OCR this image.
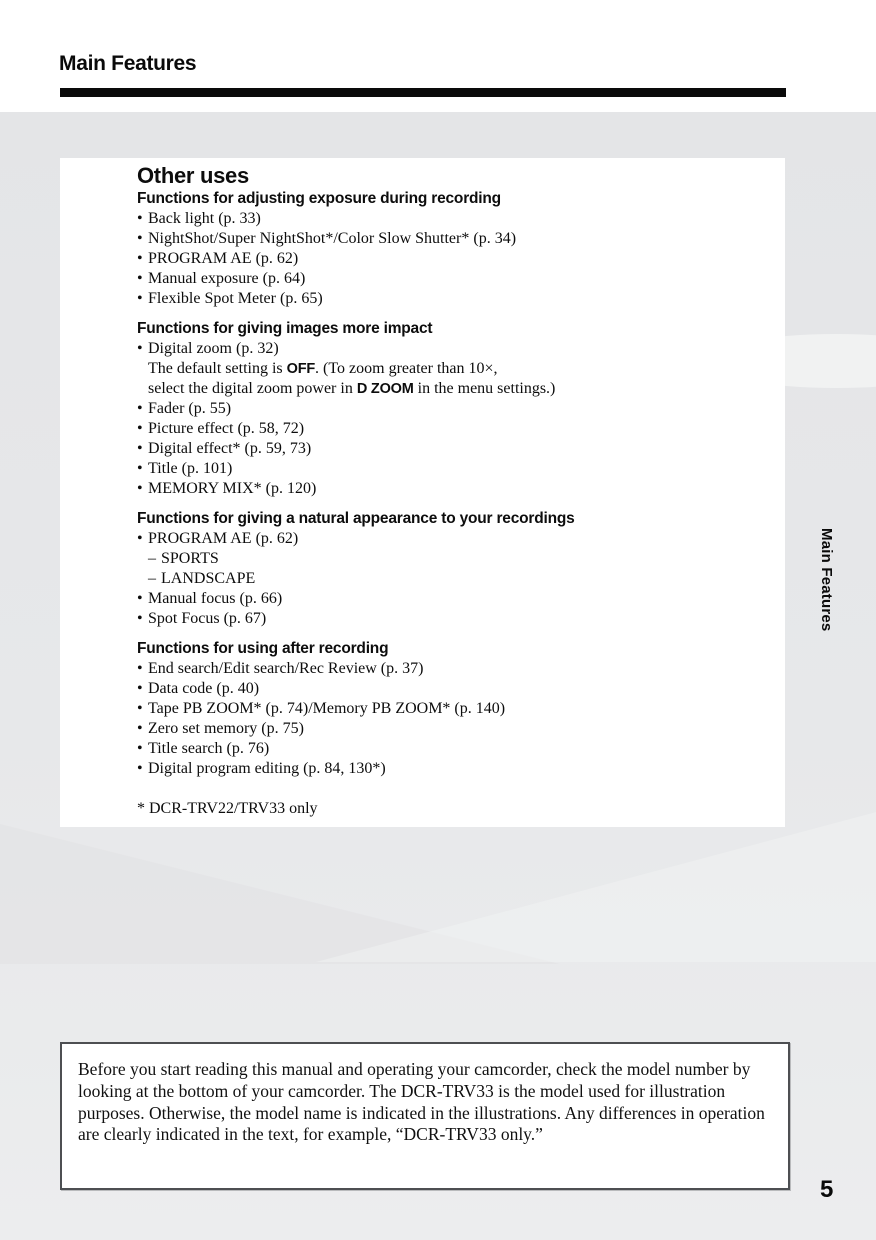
Main Features
Other uses
Functions for adjusting exposure during recording
• Back light (p. 33)
• NightShot/Super NightShot*/Color Slow Shutter* (p. 34)
• PROGRAM AE (p. 62)
• Manual exposure (p. 64)
• Flexible Spot Meter (p. 65)
Functions for giving images more impact
• Digital zoom (p. 32)
The default setting is OFF. (To zoom greater than 10×,
select the digital zoom power in D ZOOM in the menu settings.)
• Fader (p. 55)
• Picture effect (p. 58, 72)
• Digital effect* (p. 59, 73)
• Title (p. 101)
• MEMORY MIX* (p. 120)
Functions for giving a natural appearance to your recordings
• PROGRAM AE (p. 62)
– SPORTS
– LANDSCAPE
• Manual focus (p. 66)
• Spot Focus (p. 67)
Functions for using after recording
• End search/Edit search/Rec Review (p. 37)
• Data code (p. 40)
• Tape PB ZOOM* (p. 74)/Memory PB ZOOM* (p. 140)
• Zero set memory (p. 75)
• Title search (p. 76)
• Digital program editing (p. 84, 130*)
* DCR-TRV22/TRV33 only
Main Features

Before you start reading this manual and operating your camcorder, check the model number by looking at the bottom of your camcorder. The DCR-TRV33 is the model used for illustration purposes. Otherwise, the model name is indicated in the illustrations. Any differences in operation are clearly indicated in the text, for example, “DCR-TRV33 only.”

5
